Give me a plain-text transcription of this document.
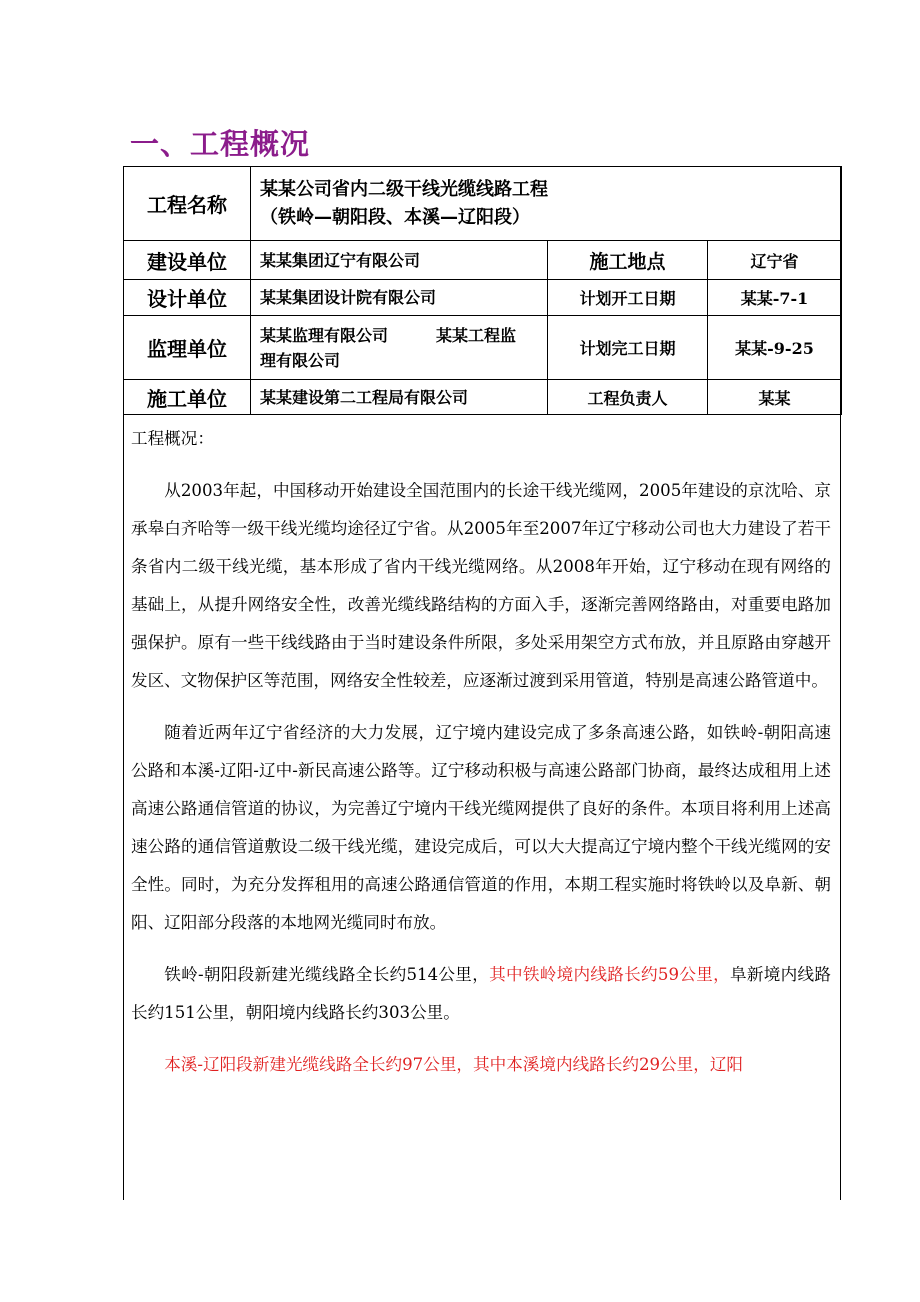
一、工程概况
工程名称	某某公司省内二级干线光缆线路工程
（铁岭—朝阳段、本溪—辽阳段）		

建设单位	某某集团辽宁有限公司	施工地点	辽宁省
设计单位	某某集团设计院有限公司	计划开工日期	某某-7-1
监理单位	某某监理有限公司　　　某某工程监
理有限公司	计划完工日期	某某-9-25
施工单位	某某建设第二工程局有限公司	工程负责人	某某
工程概况：

从2003年起，中国移动开始建设全国范围内的长途干线光缆网，2005年建设的京沈哈、京承皋白齐哈等一级干线光缆均途径辽宁省。从2005年至2007年辽宁移动公司也大力建设了若干条省内二级干线光缆，基本形成了省内干线光缆网络。从2008年开始，辽宁移动在现有网络的基础上，从提升网络安全性，改善光缆线路结构的方面入手，逐渐完善网络路由，对重要电路加强保护。原有一些干线线路由于当时建设条件所限，多处采用架空方式布放，并且原路由穿越开发区、文物保护区等范围，网络安全性较差，应逐渐过渡到采用管道，特别是高速公路管道中。

随着近两年辽宁省经济的大力发展，辽宁境内建设完成了多条高速公路，如铁岭-朝阳高速公路和本溪-辽阳-辽中-新民高速公路等。辽宁移动积极与高速公路部门协商，最终达成租用上述高速公路通信管道的协议，为完善辽宁境内干线光缆网提供了良好的条件。本项目将利用上述高速公路的通信管道敷设二级干线光缆，建设完成后，可以大大提高辽宁境内整个干线光缆网的安全性。同时，为充分发挥租用的高速公路通信管道的作用，本期工程实施时将铁岭以及阜新、朝阳、辽阳部分段落的本地网光缆同时布放。

铁岭-朝阳段新建光缆线路全长约514公里，其中铁岭境内线路长约59公里，阜新境内线路长约151公里，朝阳境内线路长约303公里。

本溪-辽阳段新建光缆线路全长约97公里，其中本溪境内线路长约29公里，辽阳
